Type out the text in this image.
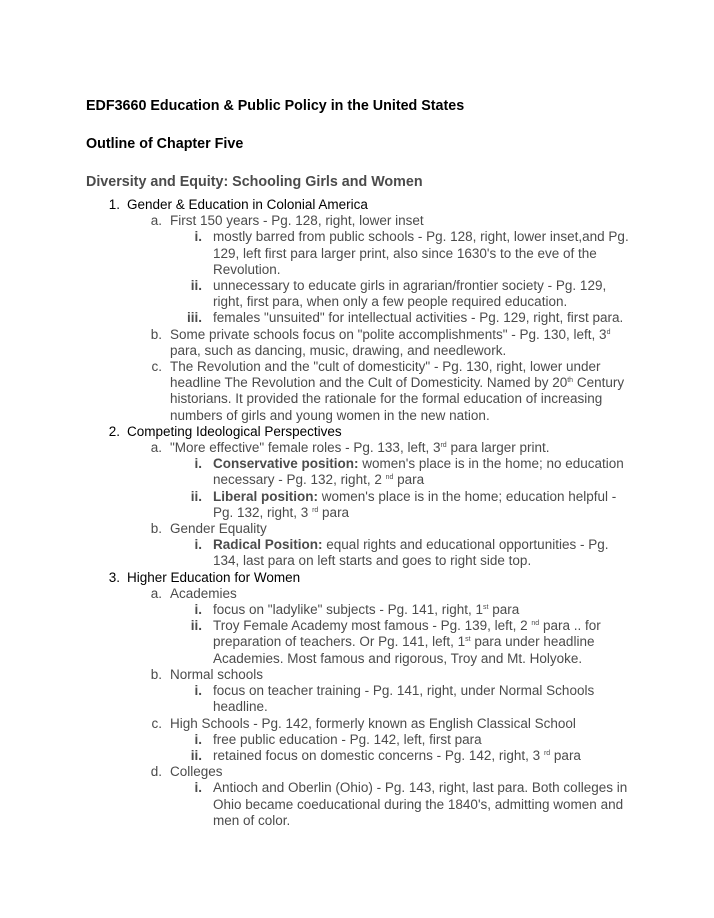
EDF3660 Education & Public Policy in the United States
Outline of Chapter Five
Diversity and Equity: Schooling Girls and Women
1. Gender & Education in Colonial America
a. First 150 years - Pg. 128, right, lower inset
i. mostly barred from public schools - Pg. 128, right, lower inset,and Pg. 129, left first para larger print, also since 1630's to the eve of the Revolution.
ii. unnecessary to educate girls in agrarian/frontier society - Pg. 129, right, first para, when only a few people required education.
iii. females "unsuited" for intellectual activities - Pg. 129, right, first para.
b. Some private schools focus on "polite accomplishments" - Pg. 130, left, 3$^d$ para, such as dancing, music, drawing, and needlework.
c. The Revolution and the "cult of domesticity" - Pg. 130, right, lower under headline The Revolution and the Cult of Domesticity. Named by 20th Century historians. It provided the rationale for the formal education of increasing numbers of girls and young women in the new nation.
2. Competing Ideological Perspectives
a. "More effective" female roles - Pg. 133, left, 3rd para larger print.
i. Conservative position: women's place is in the home; no education necessary - Pg. 132, right, 2 $^{nd}$ para
ii. Liberal position: women's place is in the home; education helpful - Pg. 132, right, 3 $^{rd}$ para
b. Gender Equality
i. Radical Position: equal rights and educational opportunities - Pg. 134, last para on left starts and goes to right side top.
3. Higher Education for Women
a. Academies
i. focus on "ladylike" subjects - Pg. 141, right, 1st para
ii. Troy Female Academy most famous - Pg. 139, left, 2 $^{nd}$ para .. for preparation of teachers. Or Pg. 141, left, 1st para under headline Academies. Most famous and rigorous, Troy and Mt. Holyoke.
b. Normal schools
i. focus on teacher training - Pg. 141, right, under Normal Schools headline.
c. High Schools - Pg. 142, formerly known as English Classical School
i. free public education - Pg. 142, left, first para
ii. retained focus on domestic concerns - Pg. 142, right, 3 $^{rd}$ para
d. Colleges
i. Antioch and Oberlin (Ohio) - Pg. 143, right, last para. Both colleges in Ohio became coeducational during the 1840's, admitting women and men of color.
